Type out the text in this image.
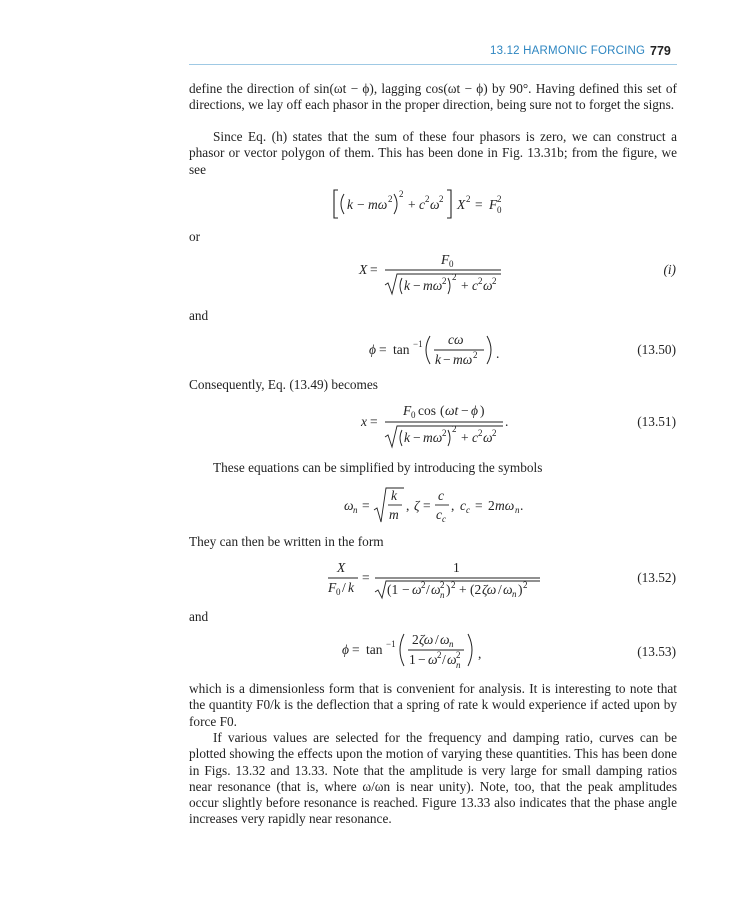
13.12 HARMONIC FORCING 779

define the direction of sin(ωt − ϕ), lagging cos(ωt − ϕ) by 90°. Having defined this set of directions, we lay off each phasor in the proper direction, being sure not to forget the signs.

Since Eq. (h) states that the sum of these four phasors is zero, we can construct a phasor or vector polygon of them. This has been done in Fig. 13.31b; from the figure, we see

k − mω 2 2
+ c 2 ω 2 X 2 = F 2
0
or
X =
F 0
k − mω 2 2
+ c 2 ω 2
(i)
and
ϕ = tan −1 cω
k − mω 2 .	(13.50)
Consequently, Eq. (13.49) becomes
x =
F 0 cos ( ωt − ϕ )
.
k − mω 2 2
+ c 2 ω 2
(13.51)

These equations can be simplified by introducing the symbols

ω n =
k
m
, ζ =
c
c c
, c c = 2 mω n .
They can then be written in the form
X
F 0 / k
=
1
(1 − ω 2 / ω 2
n ) 2 + (2 ζω / ω n ) 2	(13.52)
and
ϕ = tan −1 2 ζω / ω n
1 − ω 2 / ω 2
n
,	(13.53)

which is a dimensionless form that is convenient for analysis. It is interesting to note that the quantity F0/k is the deflection that a spring of rate k would experience if acted upon by force F0.

If various values are selected for the frequency and damping ratio, curves can be plotted showing the effects upon the motion of varying these quantities. This has been done in Figs. 13.32 and 13.33. Note that the amplitude is very large for small damping ratios near resonance (that is, where ω/ωn is near unity). Note, too, that the peak amplitudes occur slightly before resonance is reached. Figure 13.33 also indicates that the phase angle increases very rapidly near resonance.
